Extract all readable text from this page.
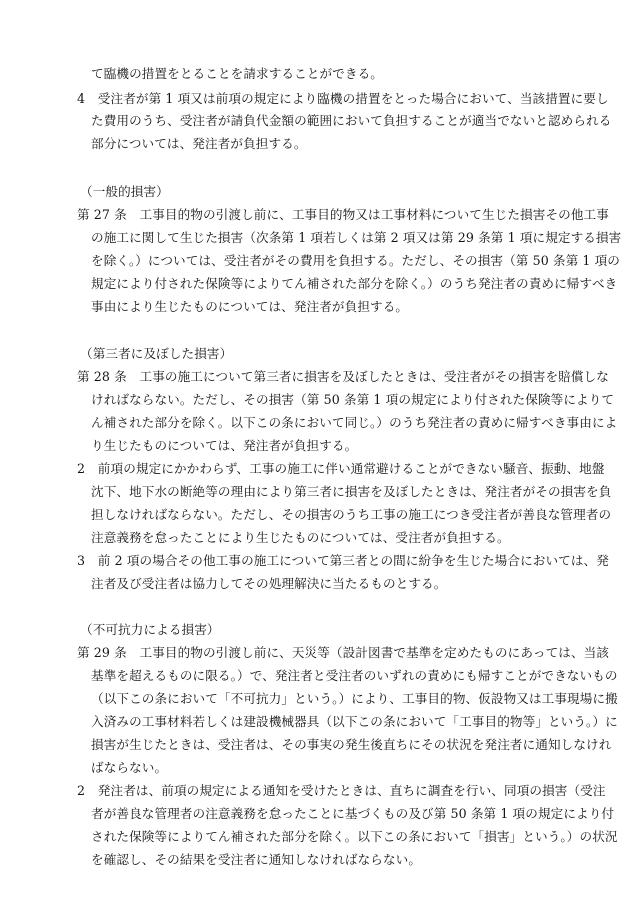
て臨機の措置をとることを請求することができる。

4　受注者が第 1 項又は前項の規定により臨機の措置をとった場合において、当該措置に要し

た費用のうち、受注者が請負代金額の範囲において負担することが適当でないと認められる

部分については、発注者が負担する。

（一般的損害）

第 27 条　工事目的物の引渡し前に、工事目的物又は工事材料について生じた損害その他工事

の施工に関して生じた損害（次条第 1 項若しくは第 2 項又は第 29 条第 1 項に規定する損害

を除く。）については、受注者がその費用を負担する。ただし、その損害（第 50 条第 1 項の

規定により付された保険等によりてん補された部分を除く。）のうち発注者の責めに帰すべき

事由により生じたものについては、発注者が負担する。

（第三者に及ぼした損害）

第 28 条　工事の施工について第三者に損害を及ぼしたときは、受注者がその損害を賠償しな

ければならない。ただし、その損害（第 50 条第 1 項の規定により付された保険等によりて

ん補された部分を除く。以下この条において同じ。）のうち発注者の責めに帰すべき事由によ

り生じたものについては、発注者が負担する。

2　前項の規定にかかわらず、工事の施工に伴い通常避けることができない騒音、振動、地盤

沈下、地下水の断絶等の理由により第三者に損害を及ぼしたときは、発注者がその損害を負

担しなければならない。ただし、その損害のうち工事の施工につき受注者が善良な管理者の

注意義務を怠ったことにより生じたものについては、受注者が負担する。

3　前 2 項の場合その他工事の施工について第三者との間に紛争を生じた場合においては、発

注者及び受注者は協力してその処理解決に当たるものとする。

（不可抗力による損害）

第 29 条　工事目的物の引渡し前に、天災等（設計図書で基準を定めたものにあっては、当該

基準を超えるものに限る。）で、発注者と受注者のいずれの責めにも帰すことができないもの

（以下この条において「不可抗力」という。）により、工事目的物、仮設物又は工事現場に搬

入済みの工事材料若しくは建設機械器具（以下この条において「工事目的物等」という。）に

損害が生じたときは、受注者は、その事実の発生後直ちにその状況を発注者に通知しなけれ

ばならない。

2　発注者は、前項の規定による通知を受けたときは、直ちに調査を行い、同項の損害（受注

者が善良な管理者の注意義務を怠ったことに基づくもの及び第 50 条第 1 項の規定により付

された保険等によりてん補された部分を除く。以下この条において「損害」という。）の状況

を確認し、その結果を受注者に通知しなければならない。
